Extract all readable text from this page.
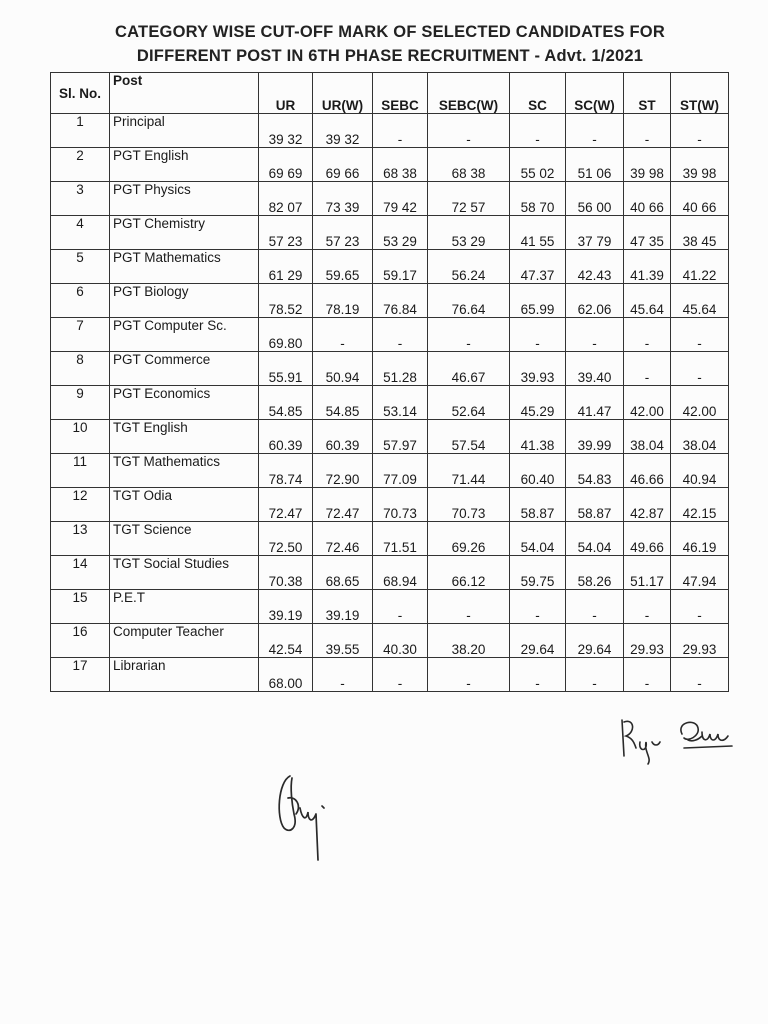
CATEGORY WISE CUT-OFF MARK OF SELECTED CANDIDATES FOR
DIFFERENT POST IN 6TH PHASE RECRUITMENT - Advt. 1/2021
Sl. No.	Post	UR	UR(W)	SEBC	SEBC(W)	SC	SC(W)	ST	ST(W)
1	Principal	39 32	39 32	-	-	-	-	-	-
2	PGT English	69 69	69 66	68 38	68 38	55 02	51 06	39 98	39 98
3	PGT Physics	82 07	73 39	79 42	72 57	58 70	56 00	40 66	40 66
4	PGT Chemistry	57 23	57 23	53 29	53 29	41 55	37 79	47 35	38 45
5	PGT Mathematics	61 29	59.65	59.17	56.24	47.37	42.43	41.39	41.22
6	PGT Biology	78.52	78.19	76.84	76.64	65.99	62.06	45.64	45.64
7	PGT Computer Sc.	69.80	-	-	-	-	-	-	-
8	PGT Commerce	55.91	50.94	51.28	46.67	39.93	39.40	-	-
9	PGT Economics	54.85	54.85	53.14	52.64	45.29	41.47	42.00	42.00
10	TGT English	60.39	60.39	57.97	57.54	41.38	39.99	38.04	38.04
11	TGT Mathematics	78.74	72.90	77.09	71.44	60.40	54.83	46.66	40.94
12	TGT Odia	72.47	72.47	70.73	70.73	58.87	58.87	42.87	42.15
13	TGT Science	72.50	72.46	71.51	69.26	54.04	54.04	49.66	46.19
14	TGT Social Studies	70.38	68.65	68.94	66.12	59.75	58.26	51.17	47.94
15	P.E.T	39.19	39.19	-	-	-	-	-	-
16	Computer Teacher	42.54	39.55	40.30	38.20	29.64	29.64	29.93	29.93
17	Librarian	68.00	-	-	-	-	-	-	-
